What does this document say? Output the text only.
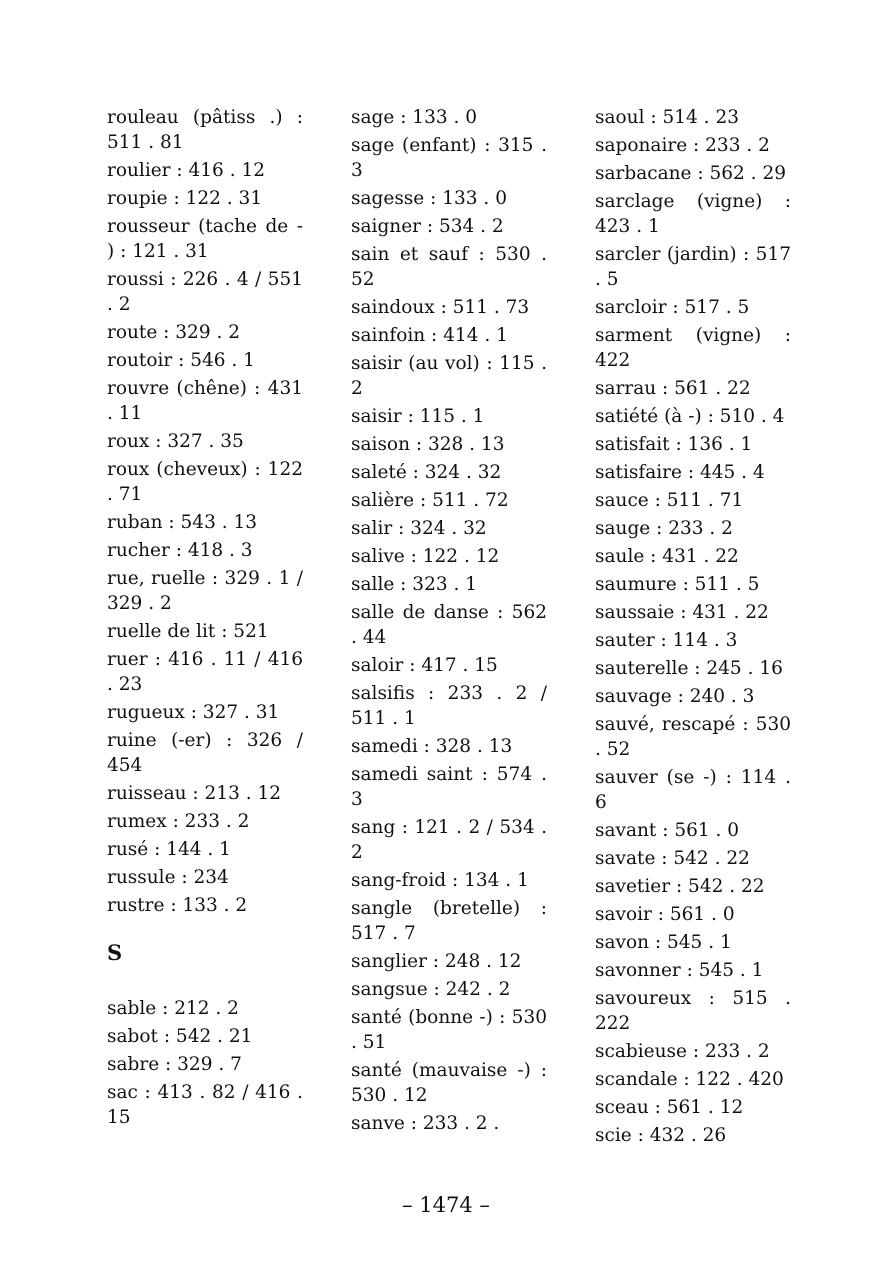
rouleau (pâtiss .) : 511 . 81
roulier : 416 . 12
roupie : 122 . 31
rousseur (tache de - ) : 121 . 31
roussi : 226 . 4 / 551 . 2
route : 329 . 2
routoir : 546 . 1
rouvre (chêne) : 431 . 11
roux : 327 . 35
roux (cheveux) : 122 . 71
ruban : 543 . 13
rucher : 418 . 3
rue, ruelle : 329 . 1 / 329 . 2
ruelle de lit : 521
ruer : 416 . 11 / 416 . 23
rugueux : 327 . 31
ruine (-er) : 326 / 454
ruisseau : 213 . 12
rumex : 233 . 2
rusé : 144 . 1
russule : 234
rustre : 133 . 2
S
sable : 212 . 2
sabot : 542 . 21
sabre : 329 . 7
sac : 413 . 82 / 416 . 15
sage : 133 . 0
sage (enfant) : 315 . 3
sagesse : 133 . 0
saigner : 534 . 2
sain et sauf : 530 . 52
saindoux : 511 . 73
sainfoin : 414 . 1
saisir (au vol) : 115 . 2
saisir : 115 . 1
saison : 328 . 13
saleté : 324 . 32
salière : 511 . 72
salir : 324 . 32
salive : 122 . 12
salle : 323 . 1
salle de danse : 562 . 44
saloir : 417 . 15
salsifis : 233 . 2 / 511 . 1
samedi : 328 . 13
samedi saint : 574 . 3
sang : 121 . 2 / 534 . 2
sang-froid : 134 . 1
sangle (bretelle) : 517 . 7
sanglier : 248 . 12
sangsue : 242 . 2
santé (bonne -) : 530 . 51
santé (mauvaise -) : 530 . 12
sanve : 233 . 2 .
saoul : 514 . 23
saponaire : 233 . 2
sarbacane : 562 . 29
sarclage (vigne) : 423 . 1
sarcler (jardin) : 517 . 5
sarcloir : 517 . 5
sarment (vigne) : 422
sarrau : 561 . 22
satiété (à -) : 510 . 4
satisfait : 136 . 1
satisfaire : 445 . 4
sauce : 511 . 71
sauge : 233 . 2
saule : 431 . 22
saumure : 511 . 5
saussaie : 431 . 22
sauter : 114 . 3
sauterelle : 245 . 16
sauvage : 240 . 3
sauvé, rescapé : 530 . 52
sauver (se -) : 114 . 6
savant : 561 . 0
savate : 542 . 22
savetier : 542 . 22
savoir : 561 . 0
savon : 545 . 1
savonner : 545 . 1
savoureux : 515 . 222
scabieuse : 233 . 2
scandale : 122 . 420
sceau : 561 . 12
scie : 432 . 26
– 1474 –
